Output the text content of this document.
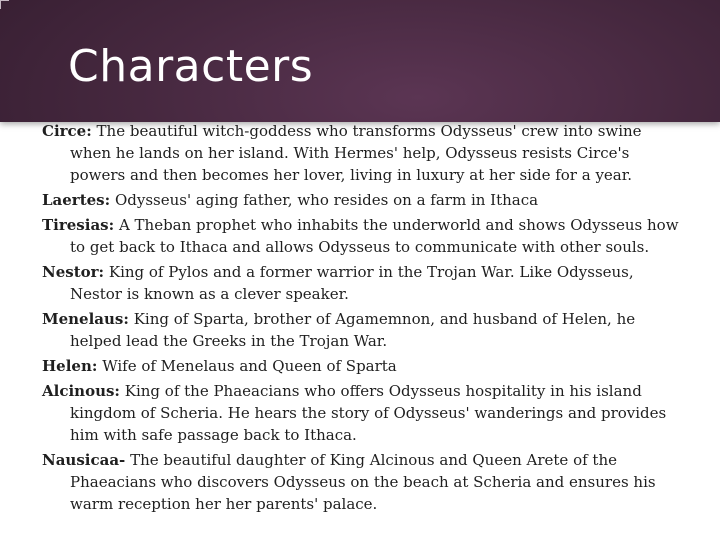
Characters

Circe: The beautiful witch-goddess who transforms Odysseus' crew into swine when he lands on her island. With Hermes' help, Odysseus resists Circe's powers and then becomes her lover, living in luxury at her side for a year.

Laertes: Odysseus' aging father, who resides on a farm in Ithaca

Tiresias: A Theban prophet who inhabits the underworld and shows Odysseus how to get back to Ithaca and allows Odysseus to communicate with other souls.

Nestor: King of Pylos and a former warrior in the Trojan War. Like Odysseus, Nestor is known as a clever speaker.

Menelaus: King of Sparta, brother of Agamemnon, and husband of Helen, he helped lead the Greeks in the Trojan War.

Helen: Wife of Menelaus and Queen of Sparta

Alcinous: King of the Phaeacians who offers Odysseus hospitality in his island kingdom of Scheria. He hears the story of Odysseus' wanderings and provides him with safe passage back to Ithaca.

Nausicaa- The beautiful daughter of King Alcinous and Queen Arete of the Phaeacians who discovers Odysseus on the beach at Scheria and ensures his warm reception her her parents' palace.
